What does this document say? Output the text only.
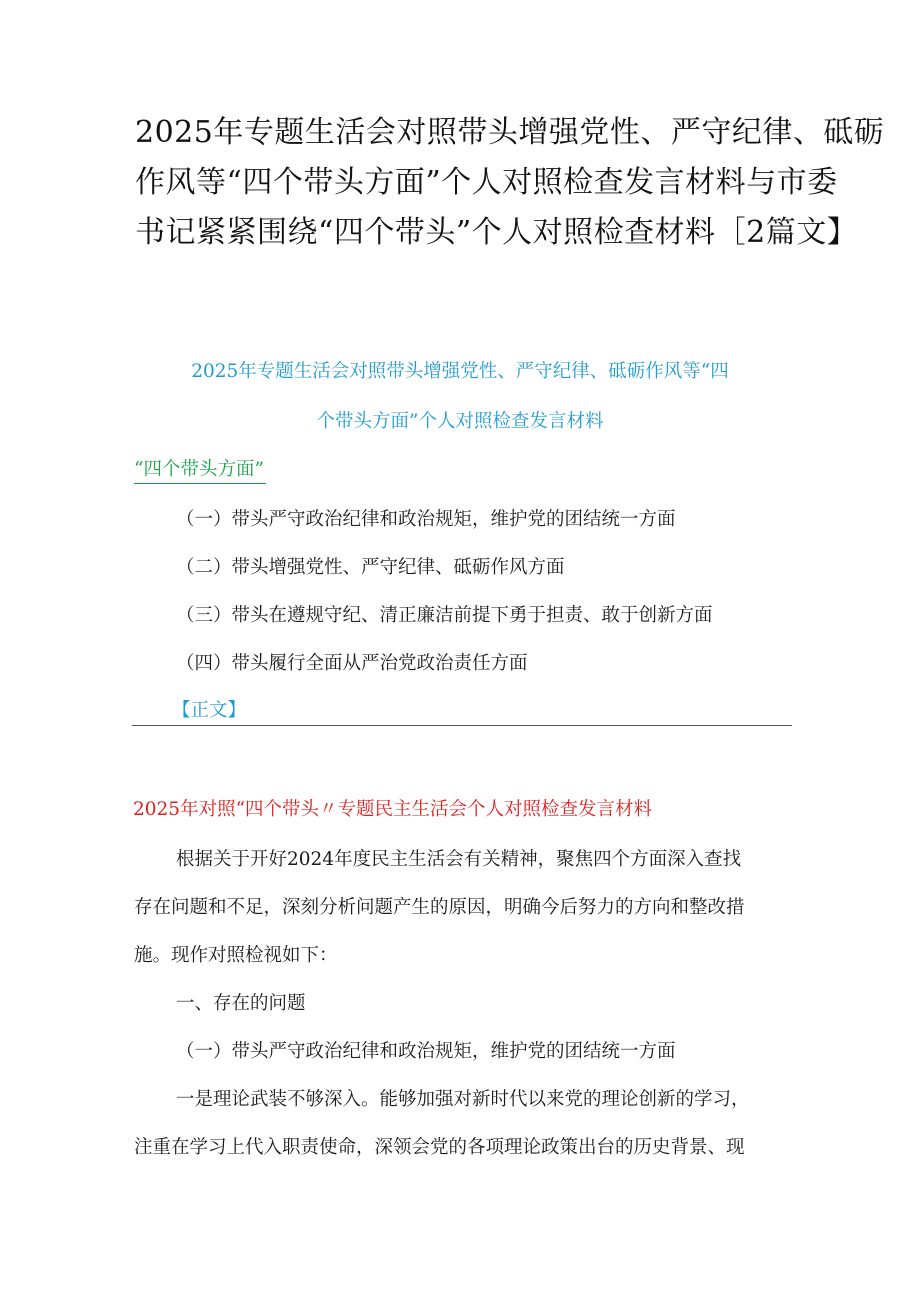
2025年专题生活会对照带头增强党性、严守纪律、砥砺
作风等“四个带头方面”个人对照检查发言材料与市委
书记紧紧围绕“四个带头”个人对照检查材料［2篇文】
2025年专题生活会对照带头增强党性、严守纪律、砥砺作风等“四
个带头方面”个人对照检查发言材料
“四个带头方面”
（一）带头严守政治纪律和政治规矩，维护党的团结统一方面
（二）带头增强党性、严守纪律、砥砺作风方面
（三）带头在遵规守纪、清正廉洁前提下勇于担责、敢于创新方面
（四）带头履行全面从严治党政治责任方面
【正文】
2025年对照“四个带头〃专题民主生活会个人对照检查发言材料
根据关于开好2024年度民主生活会有关精神，聚焦四个方面深入查找
存在问题和不足，深刻分析问题产生的原因，明确今后努力的方向和整改措
施。现作对照检视如下：
一、存在的问题
（一）带头严守政治纪律和政治规矩，维护党的团结统一方面
一是理论武装不够深入。能够加强对新时代以来党的理论创新的学习，
注重在学习上代入职责使命，深领会党的各项理论政策出台的历史背景、现
